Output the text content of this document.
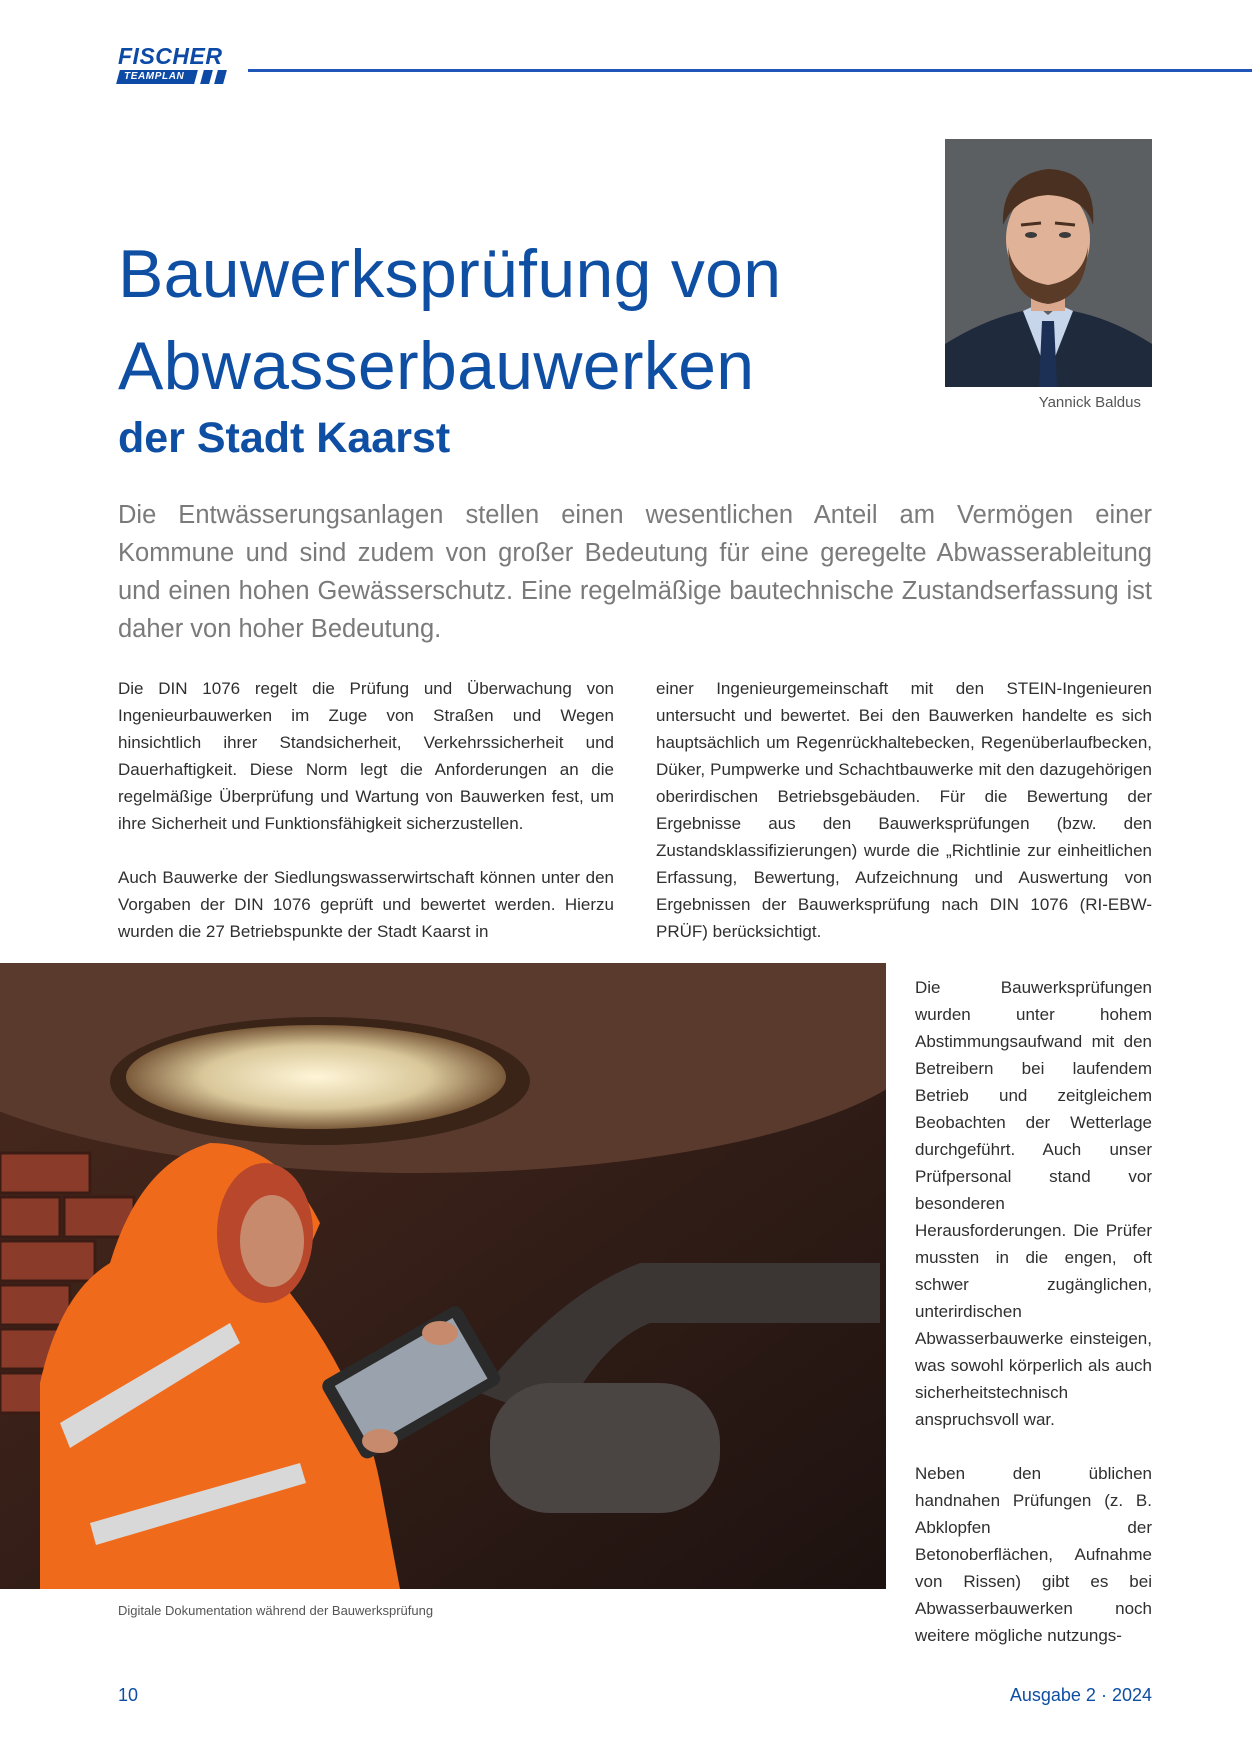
FISCHER
TEAMPLAN
Yannick Baldus
Bauwerksprüfung von
Abwasserbauwerken
der Stadt Kaarst

Die Entwässerungsanlagen stellen einen wesentlichen Anteil am Vermögen einer Kommune und sind zudem von großer Bedeutung für eine geregelte Abwasserableitung und einen hohen Gewässerschutz. Eine regelmäßige bautechnische Zustandserfassung ist daher von hoher Bedeutung.

Die DIN 1076 regelt die Prüfung und Überwachung von Ingenieurbauwerken im Zuge von Straßen und Wegen hinsichtlich ihrer Standsicherheit, Verkehrssicherheit und Dauerhaftigkeit. Diese Norm legt die Anforderungen an die regelmäßige Überprüfung und Wartung von Bauwerken fest, um ihre Sicherheit und Funktionsfähigkeit sicherzustellen.

Auch Bauwerke der Siedlungswasserwirtschaft können unter den Vorgaben der DIN 1076 geprüft und bewertet werden. Hierzu wurden die 27 Betriebspunkte der Stadt Kaarst in

einer Ingenieurgemeinschaft mit den STEIN-Ingenieuren untersucht und bewertet. Bei den Bauwerken handelte es sich hauptsächlich um Regenrückhaltebecken, Regenüberlaufbecken, Düker, Pumpwerke und Schachtbauwerke mit den dazugehörigen oberirdischen Betriebsgebäuden. Für die Bewertung der Ergebnisse aus den Bauwerksprüfungen (bzw. den Zustandsklassifizierungen) wurde die „Richtlinie zur einheitlichen Erfassung, Bewertung, Aufzeichnung und Auswertung von Ergebnissen der Bauwerksprüfung nach DIN 1076 (RI-EBW-PRÜF) berücksichtigt.

Digitale Dokumentation während der Bauwerksprüfung

Die Bauwerksprüfungen wurden unter hohem Abstimmungsaufwand mit den Betreibern bei laufendem Betrieb und zeitgleichem Beobachten der Wetterlage durchgeführt. Auch unser Prüfpersonal stand vor besonderen Herausforderungen. Die Prüfer mussten in die engen, oft schwer zugänglichen, unterirdischen Abwasserbauwerke einsteigen, was sowohl körperlich als auch sicherheitstechnisch anspruchsvoll war.

Neben den üblichen handnahen Prüfungen (z. B. Abklopfen der Betonoberflächen, Aufnahme von Rissen) gibt es bei Abwasserbauwerken noch weitere mögliche nutzungs-

10	Ausgabe 2 · 2024
